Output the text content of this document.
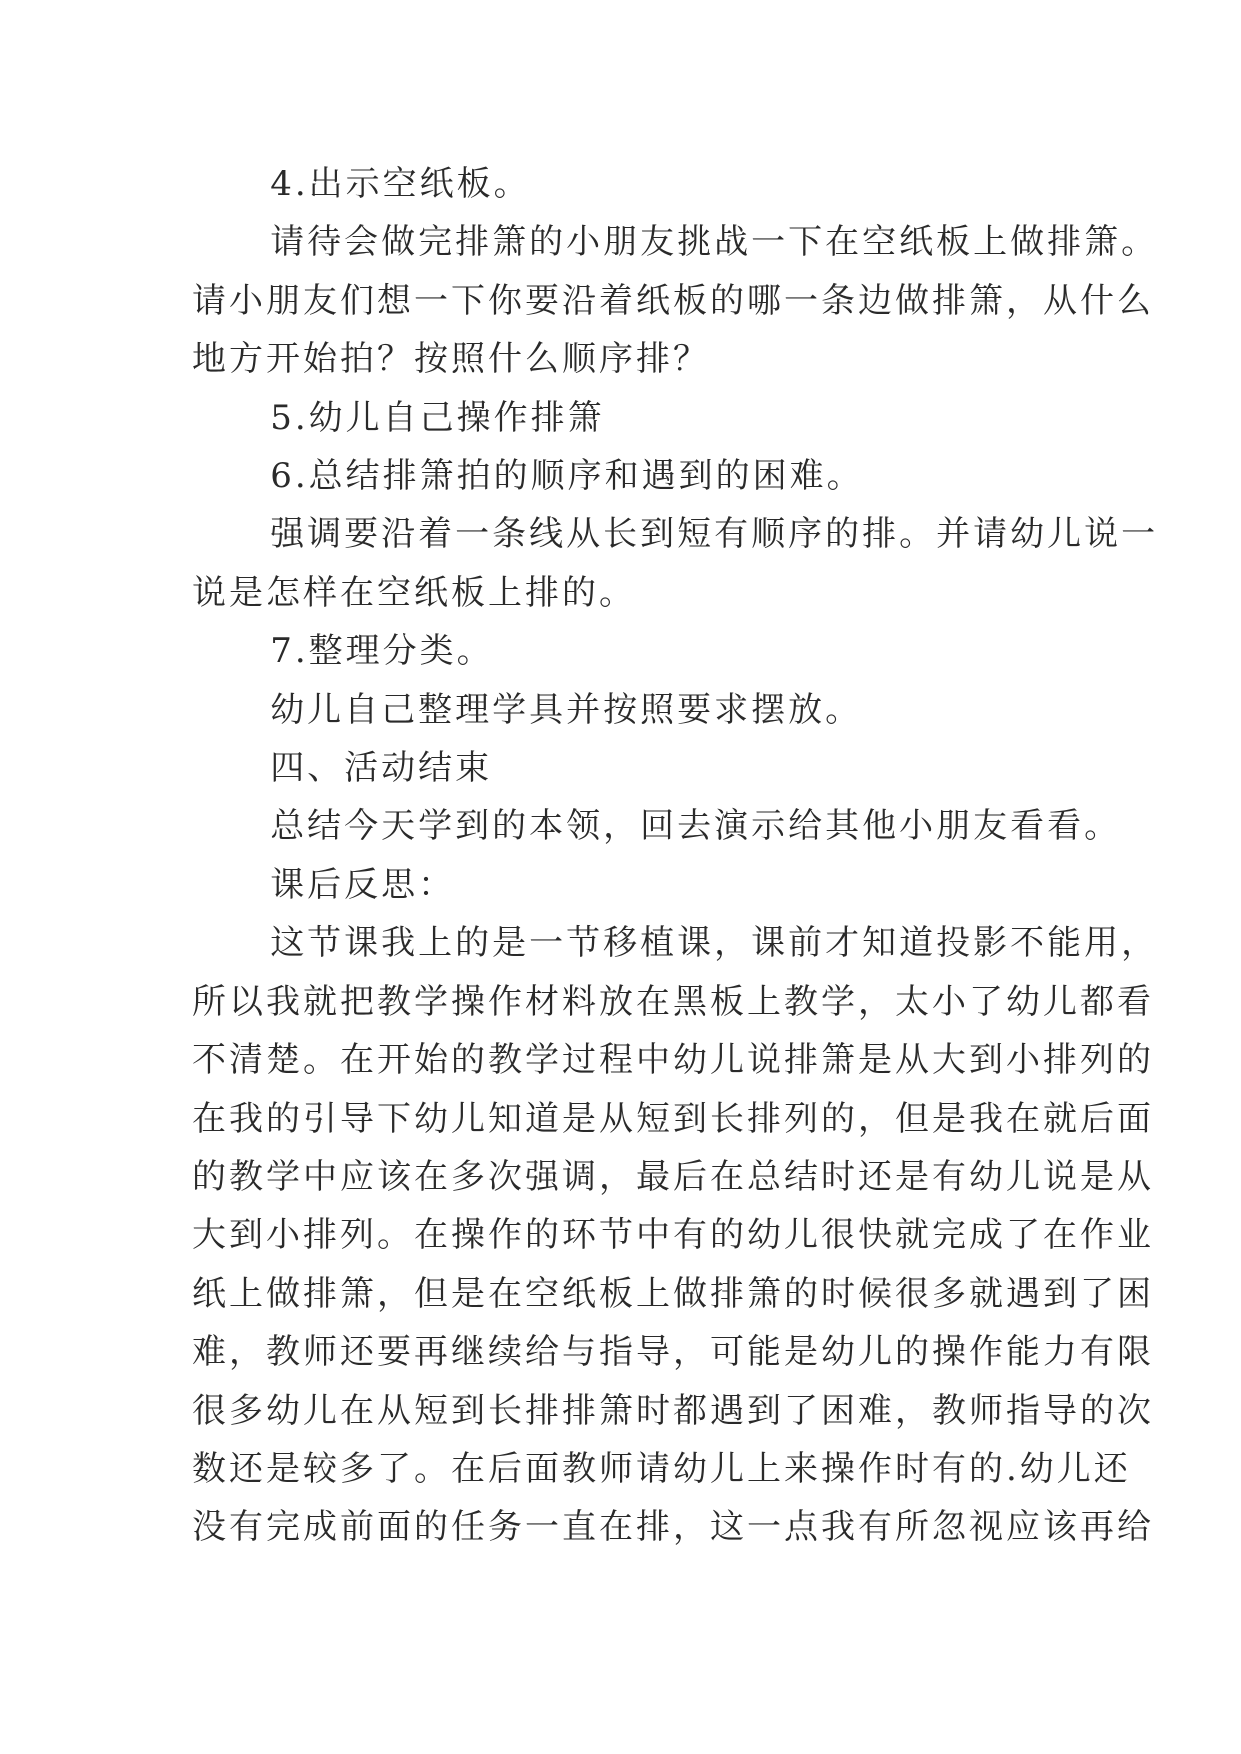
4.出示空纸板。
请待会做完排箫的小朋友挑战一下在空纸板上做排箫。
请小朋友们想一下你要沿着纸板的哪一条边做排箫，从什么
地方开始拍？按照什么顺序排？
5.幼儿自己操作排箫
6.总结排箫拍的顺序和遇到的困难。
强调要沿着一条线从长到短有顺序的排。并请幼儿说一
说是怎样在空纸板上排的。
7.整理分类。
幼儿自己整理学具并按照要求摆放。
四、活动结束
总结今天学到的本领，回去演示给其他小朋友看看。
课后反思：
这节课我上的是一节移植课，课前才知道投影不能用，
所以我就把教学操作材料放在黑板上教学，太小了幼儿都看
不清楚。在开始的教学过程中幼儿说排箫是从大到小排列的
在我的引导下幼儿知道是从短到长排列的，但是我在就后面
的教学中应该在多次强调，最后在总结时还是有幼儿说是从
大到小排列。在操作的环节中有的幼儿很快就完成了在作业
纸上做排箫，但是在空纸板上做排箫的时候很多就遇到了困
难，教师还要再继续给与指导，可能是幼儿的操作能力有限
很多幼儿在从短到长排排箫时都遇到了困难，教师指导的次
数还是较多了。在后面教师请幼儿上来操作时有的.幼儿还
没有完成前面的任务一直在排，这一点我有所忽视应该再给
